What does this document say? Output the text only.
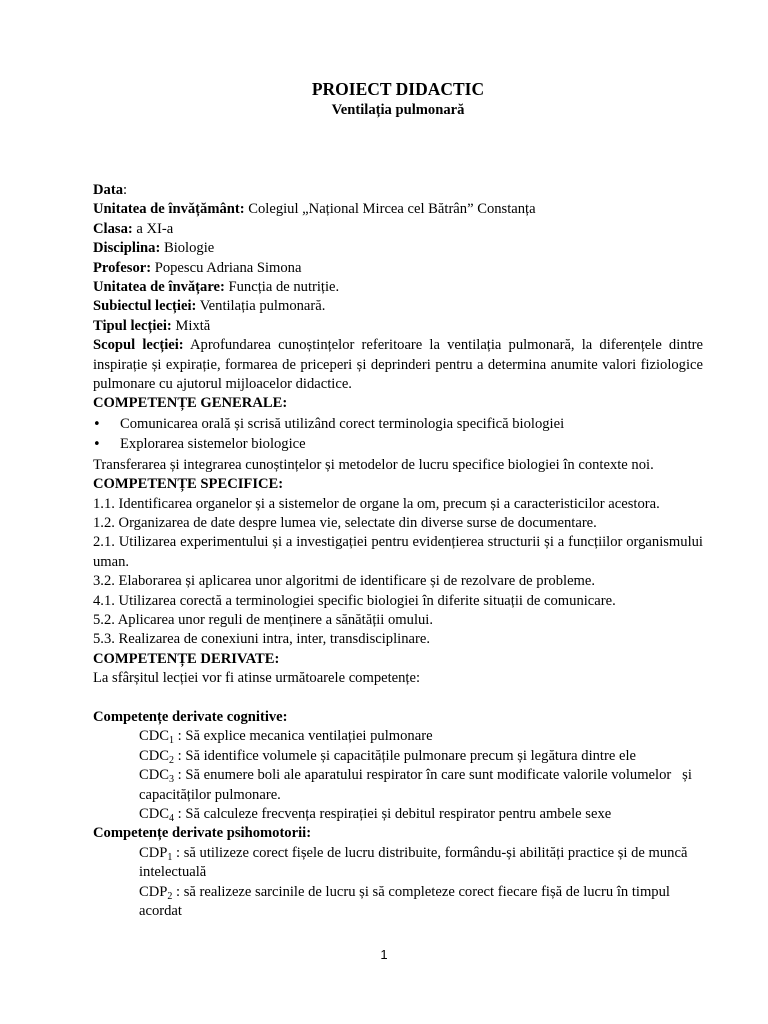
PROIECT DIDACTIC

Ventilația pulmonară

Data:

Unitatea de învățământ: Colegiul „Național Mircea cel Bătrân” Constanța

Clasa: a XI-a

Disciplina: Biologie

Profesor: Popescu Adriana Simona

Unitatea de învățare: Funcția de nutriție.

Subiectul lecției: Ventilația pulmonară.

Tipul lecției: Mixtă

Scopul lecției: Aprofundarea cunoștințelor referitoare la ventilația pulmonară, la diferențele dintre inspirație și expirație, formarea de priceperi și deprinderi pentru a determina anumite valori fiziologice pulmonare cu ajutorul mijloacelor didactice.

COMPETENȚE GENERALE:

• Comunicarea orală și scrisă utilizând corect terminologia specifică biologiei
• Explorarea sistemelor biologice

Transferarea și integrarea cunoștințelor și metodelor de lucru specifice biologiei în contexte noi.

COMPETENȚE SPECIFICE:

1.1. Identificarea organelor și a sistemelor de organe la om, precum și a caracteristicilor acestora.

1.2. Organizarea de date despre lumea vie, selectate din diverse surse de documentare.

2.1. Utilizarea experimentului și a investigației pentru evidențierea structurii și a funcțiilor organismului uman.

3.2. Elaborarea și aplicarea unor algoritmi de identificare și de rezolvare de probleme.

4.1. Utilizarea corectă a terminologiei specific biologiei în diferite situații de comunicare.

5.2. Aplicarea unor reguli de menținere a sănătății omului.

5.3. Realizarea de conexiuni intra, inter, transdisciplinare.

COMPETENȚE DERIVATE:

La sfârșitul lecției vor fi atinse următoarele competențe:

Competențe derivate cognitive:

$CDC_1$ : Să explice mecanica ventilației pulmonare

$CDC_2$ : Să identifice volumele și capacitățile pulmonare precum și legătura dintre ele

$CDC_3$ : Să enumere boli ale aparatului respirator în care sunt modificate valorile volumelor   și capacităților pulmonare.

$CDC_4$ : Să calculeze frecvența respirației și debitul respirator pentru ambele sexe

Competențe derivate psihomotorii:

$CDP_1$ : să utilizeze corect fișele de lucru distribuite, formându-și abilități practice și de muncă intelectuală

$CDP_2$ : să realizeze sarcinile de lucru și să completeze corect fiecare fișă de lucru în timpul acordat

1
